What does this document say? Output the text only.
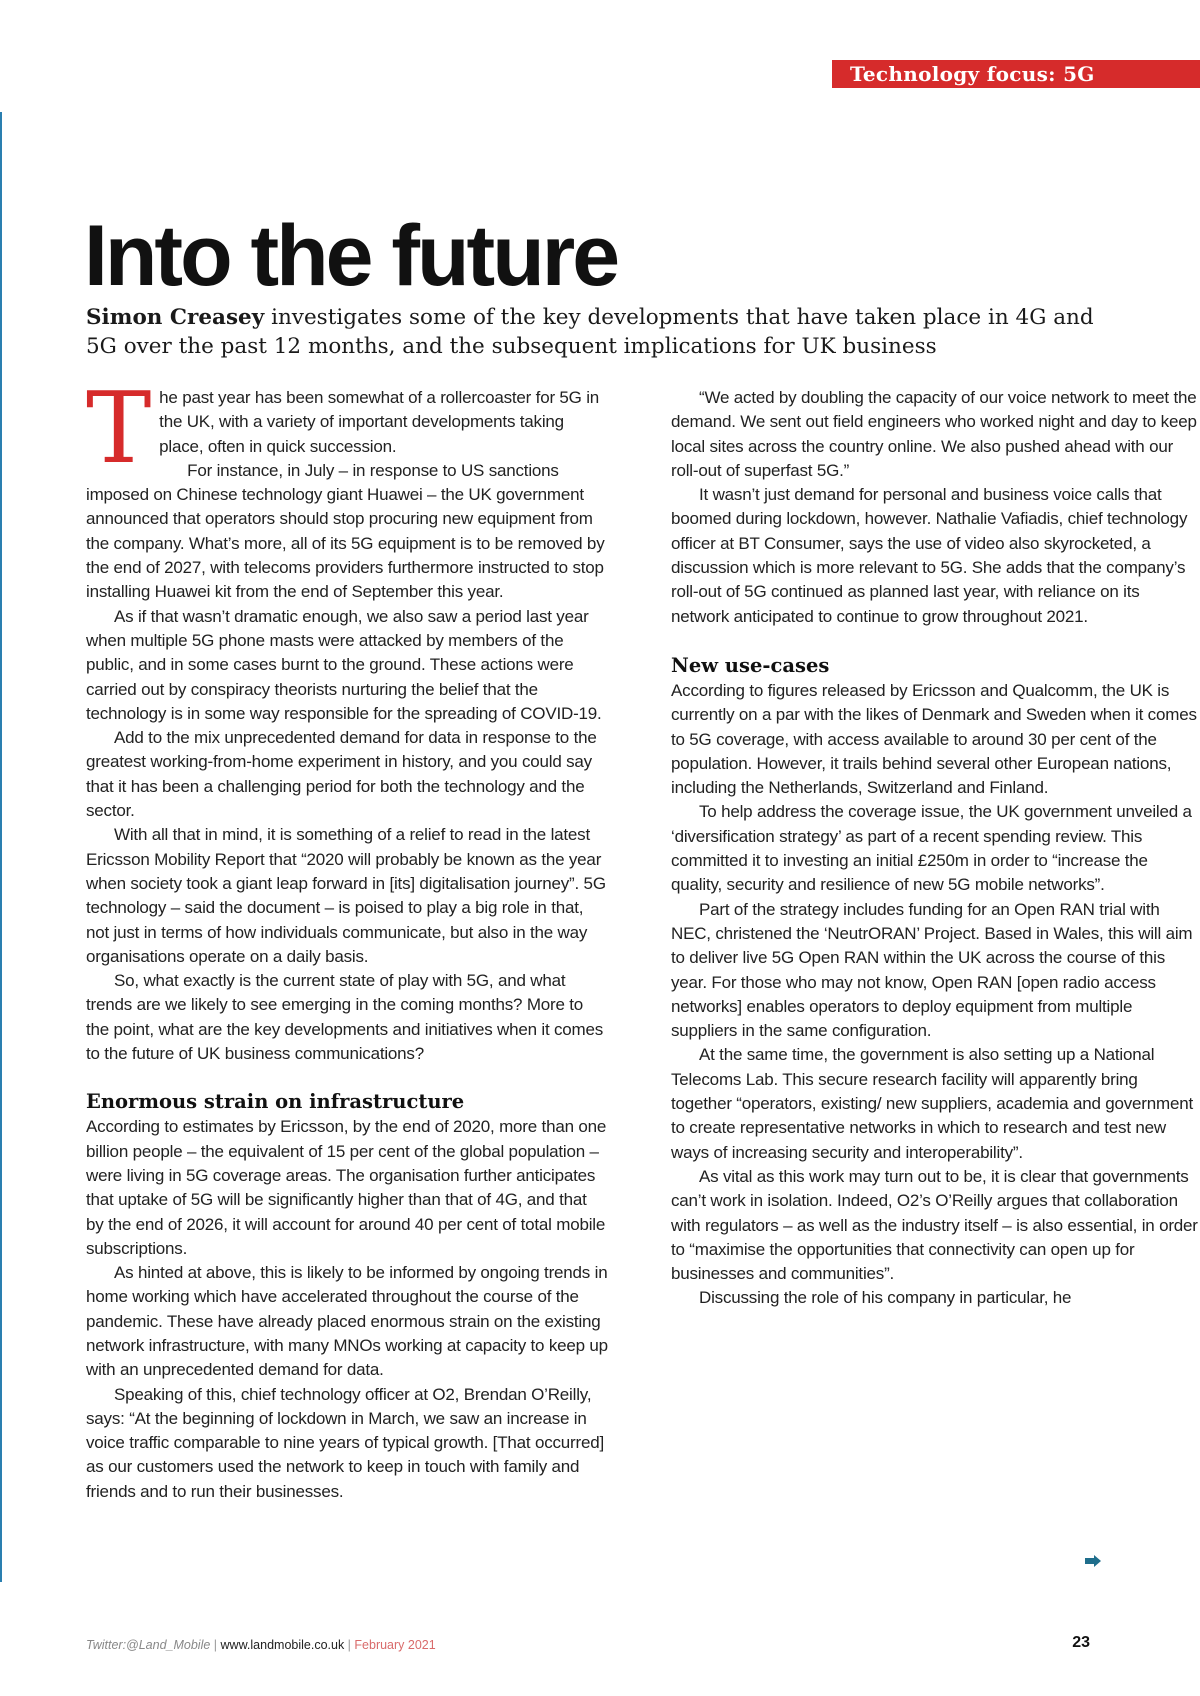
Technology focus: 5G
Into the future
Simon Creasey investigates some of the key developments that have taken place in 4G and 5G over the past 12 months, and the subsequent implications for UK business
T he past year has been somewhat of a rollercoaster for 5G in the UK, with a variety of important developments taking place, often in quick succession.

For instance, in July – in response to US sanctions imposed on Chinese technology giant Huawei – the UK government announced that operators should stop procuring new equipment from the company. What’s more, all of its 5G equipment is to be removed by the end of 2027, with telecoms providers furthermore instructed to stop installing Huawei kit from the end of September this year.

As if that wasn’t dramatic enough, we also saw a period last year when multiple 5G phone masts were attacked by members of the public, and in some cases burnt to the ground. These actions were carried out by conspiracy theorists nurturing the belief that the technology is in some way responsible for the spreading of COVID-19.

Add to the mix unprecedented demand for data in response to the greatest working-from-home experiment in history, and you could say that it has been a challenging period for both the technology and the sector.

With all that in mind, it is something of a relief to read in the latest Ericsson Mobility Report that “2020 will probably be known as the year when society took a giant leap forward in [its] digitalisation journey”. 5G technology – said the document – is poised to play a big role in that, not just in terms of how individuals communicate, but also in the way organisations operate on a daily basis.

So, what exactly is the current state of play with 5G, and what trends are we likely to see emerging in the coming months? More to the point, what are the key developments and initiatives when it comes to the future of UK business communications?

Enormous strain on infrastructure

According to estimates by Ericsson, by the end of 2020, more than one billion people – the equivalent of 15 per cent of the global population – were living in 5G coverage areas. The organisation further anticipates that uptake of 5G will be significantly higher than that of 4G, and that by the end of 2026, it will account for around 40 per cent of total mobile subscriptions.

As hinted at above, this is likely to be informed by ongoing trends in home working which have accelerated throughout the course of the pandemic. These have already placed enormous strain on the existing network infrastructure, with many MNOs working at capacity to keep up with an unprecedented demand for data.

Speaking of this, chief technology officer at O2, Brendan O’Reilly, says: “At the beginning of lockdown in March, we saw an increase in voice traffic comparable to nine years of typical growth. [That occurred] as our customers used the network to keep in touch with family and friends and to run their businesses.

“We acted by doubling the capacity of our voice network to meet the demand. We sent out field engineers who worked night and day to keep local sites across the country online. We also pushed ahead with our roll-out of superfast 5G.”

It wasn’t just demand for personal and business voice calls that boomed during lockdown, however. Nathalie Vafiadis, chief technology officer at BT Consumer, says the use of video also skyrocketed, a discussion which is more relevant to 5G. She adds that the company’s roll-out of 5G continued as planned last year, with reliance on its network anticipated to continue to grow throughout 2021.

New use-cases

According to figures released by Ericsson and Qualcomm, the UK is currently on a par with the likes of Denmark and Sweden when it comes to 5G coverage, with access available to around 30 per cent of the population. However, it trails behind several other European nations, including the Netherlands, Switzerland and Finland.

To help address the coverage issue, the UK government unveiled a ‘diversification strategy’ as part of a recent spending review. This committed it to investing an initial £250m in order to “increase the quality, security and resilience of new 5G mobile networks”.

Part of the strategy includes funding for an Open RAN trial with NEC, christened the ‘NeutrORAN’ Project. Based in Wales, this will aim to deliver live 5G Open RAN within the UK across the course of this year. For those who may not know, Open RAN [open radio access networks] enables operators to deploy equipment from multiple suppliers in the same configuration.

At the same time, the government is also setting up a National Telecoms Lab. This secure research facility will apparently bring together “operators, existing/ new suppliers, academia and government to create representative networks in which to research and test new ways of increasing security and interoperability”.

As vital as this work may turn out to be, it is clear that governments can’t work in isolation. Indeed, O2’s O’Reilly argues that collaboration with regulators – as well as the industry itself – is also essential, in order to “maximise the opportunities that connectivity can open up for businesses and communities”.

Discussing the role of his company in particular, he

Twitter:@Land_Mobile | www.landmobile.co.uk | February 2021	23
